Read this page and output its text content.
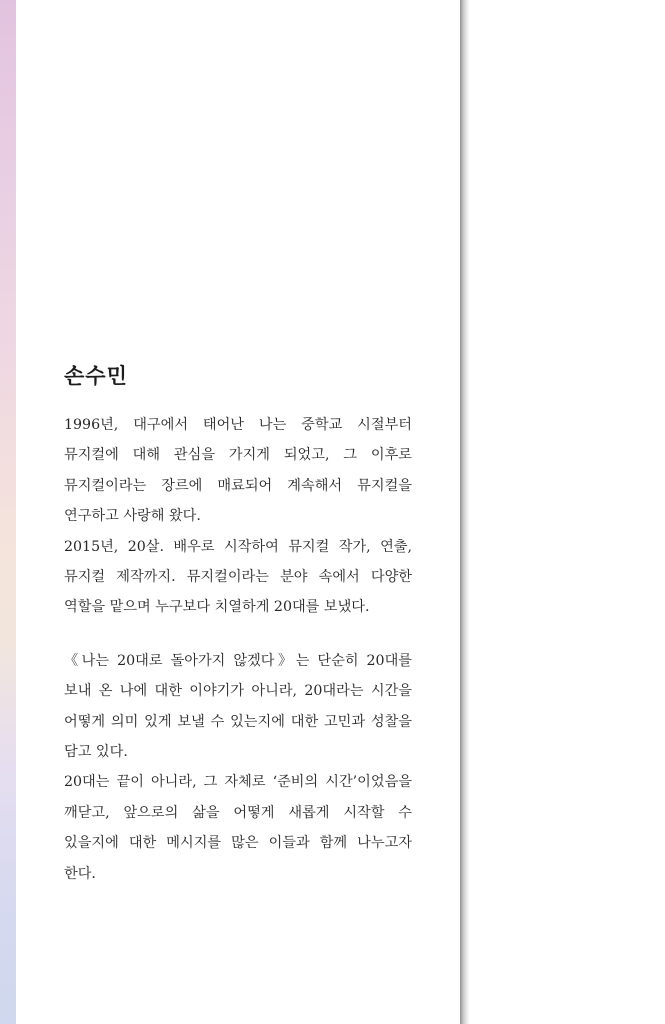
손수민

1996년, 대구에서 태어난 나는 중학교 시절부터 뮤지컬에 대해 관심을 가지게 되었고, 그 이후로 뮤지컬이라는 장르에 매료되어 계속해서 뮤지컬을 연구하고 사랑해 왔다.

2015년, 20살. 배우로 시작하여 뮤지컬 작가, 연출, 뮤지컬 제작까지. 뮤지컬이라는 분야 속에서 다양한 역할을 맡으며 누구보다 치열하게 20대를 보냈다.

《나는 20대로 돌아가지 않겠다》는 단순히 20대를 보내 온 나에 대한 이야기가 아니라, 20대라는 시간을 어떻게 의미 있게 보낼 수 있는지에 대한 고민과 성찰을 담고 있다.

20대는 끝이 아니라, 그 자체로 ‘준비의 시간’이었음을 깨닫고, 앞으로의 삶을 어떻게 새롭게 시작할 수 있을지에 대한 메시지를 많은 이들과 함께 나누고자 한다.
